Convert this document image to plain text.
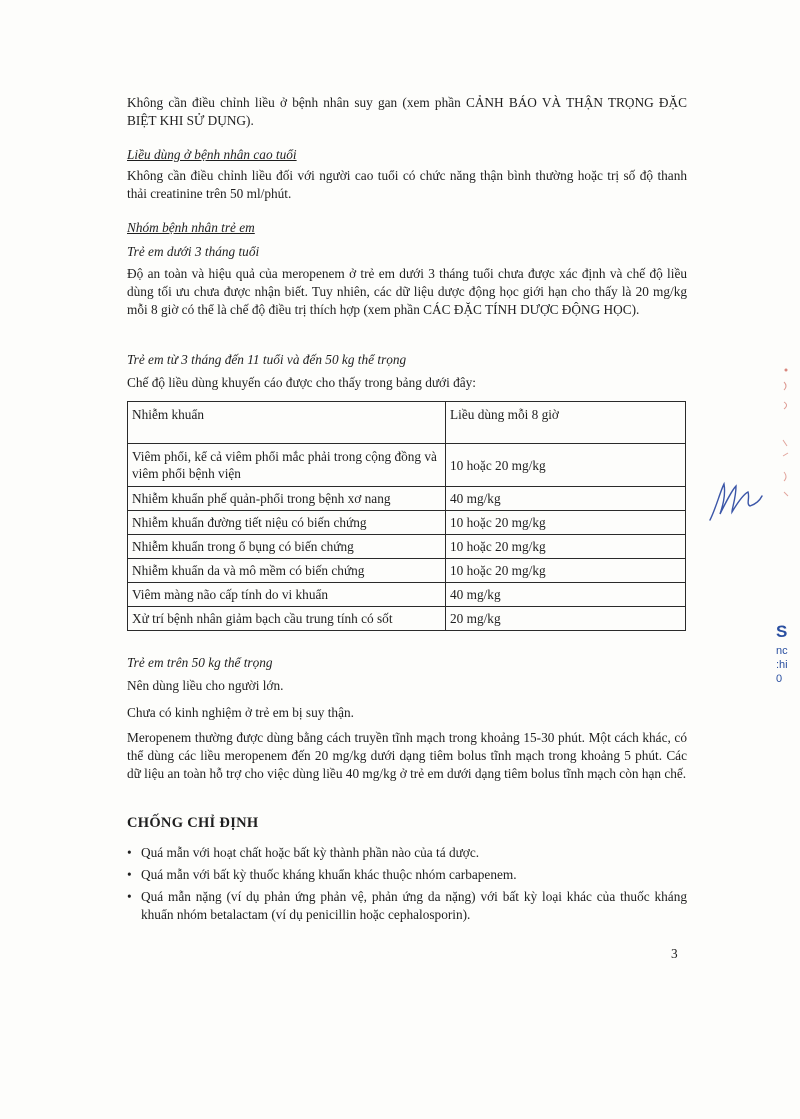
Không cần điều chỉnh liều ở bệnh nhân suy gan (xem phần CẢNH BÁO VÀ THẬN TRỌNG ĐẶC BIỆT KHI SỬ DỤNG).

Liều dùng ở bệnh nhân cao tuổi

Không cần điều chỉnh liều đối với người cao tuổi có chức năng thận bình thường hoặc trị số độ thanh thải creatinine trên 50 ml/phút.

Nhóm bệnh nhân trẻ em

Trẻ em dưới 3 tháng tuổi

Độ an toàn và hiệu quả của meropenem ở trẻ em dưới 3 tháng tuổi chưa được xác định và chế độ liều dùng tối ưu chưa được nhận biết. Tuy nhiên, các dữ liệu dược động học giới hạn cho thấy là 20 mg/kg mỗi 8 giờ có thể là chế độ điều trị thích hợp (xem phần CÁC ĐẶC TÍNH DƯỢC ĐỘNG HỌC).

Trẻ em từ 3 tháng đến 11 tuổi và đến 50 kg thể trọng

Chế độ liều dùng khuyến cáo được cho thấy trong bảng dưới đây:

Nhiễm khuẩn	Liều dùng mỗi 8 giờ
Viêm phổi, kể cả viêm phổi mắc phải trong cộng đồng và viêm phổi bệnh viện	10 hoặc 20 mg/kg
Nhiễm khuẩn phế quản-phổi trong bệnh xơ nang	40 mg/kg
Nhiễm khuẩn đường tiết niệu có biến chứng	10 hoặc 20 mg/kg
Nhiễm khuẩn trong ổ bụng có biến chứng	10 hoặc 20 mg/kg
Nhiễm khuẩn da và mô mềm có biến chứng	10 hoặc 20 mg/kg
Viêm màng não cấp tính do vi khuẩn	40 mg/kg
Xử trí bệnh nhân giảm bạch cầu trung tính có sốt	20 mg/kg

Trẻ em trên 50 kg thể trọng

Nên dùng liều cho người lớn.

Chưa có kinh nghiệm ở trẻ em bị suy thận.

Meropenem thường được dùng bằng cách truyền tĩnh mạch trong khoảng 15-30 phút. Một cách khác, có thể dùng các liều meropenem đến 20 mg/kg dưới dạng tiêm bolus tĩnh mạch trong khoảng 5 phút. Các dữ liệu an toàn hỗ trợ cho việc dùng liều 40 mg/kg ở trẻ em dưới dạng tiêm bolus tĩnh mạch còn hạn chế.

CHỐNG CHỈ ĐỊNH
• Quá mẫn với hoạt chất hoặc bất kỳ thành phần nào của tá dược.
• Quá mẫn với bất kỳ thuốc kháng khuẩn khác thuộc nhóm carbapenem.
• Quá mẫn nặng (ví dụ phản ứng phản vệ, phản ứng da nặng) với bất kỳ loại khác của thuốc kháng khuẩn nhóm betalactam (ví dụ penicillin hoặc cephalosporin).
3
S
nc
:hi
0
